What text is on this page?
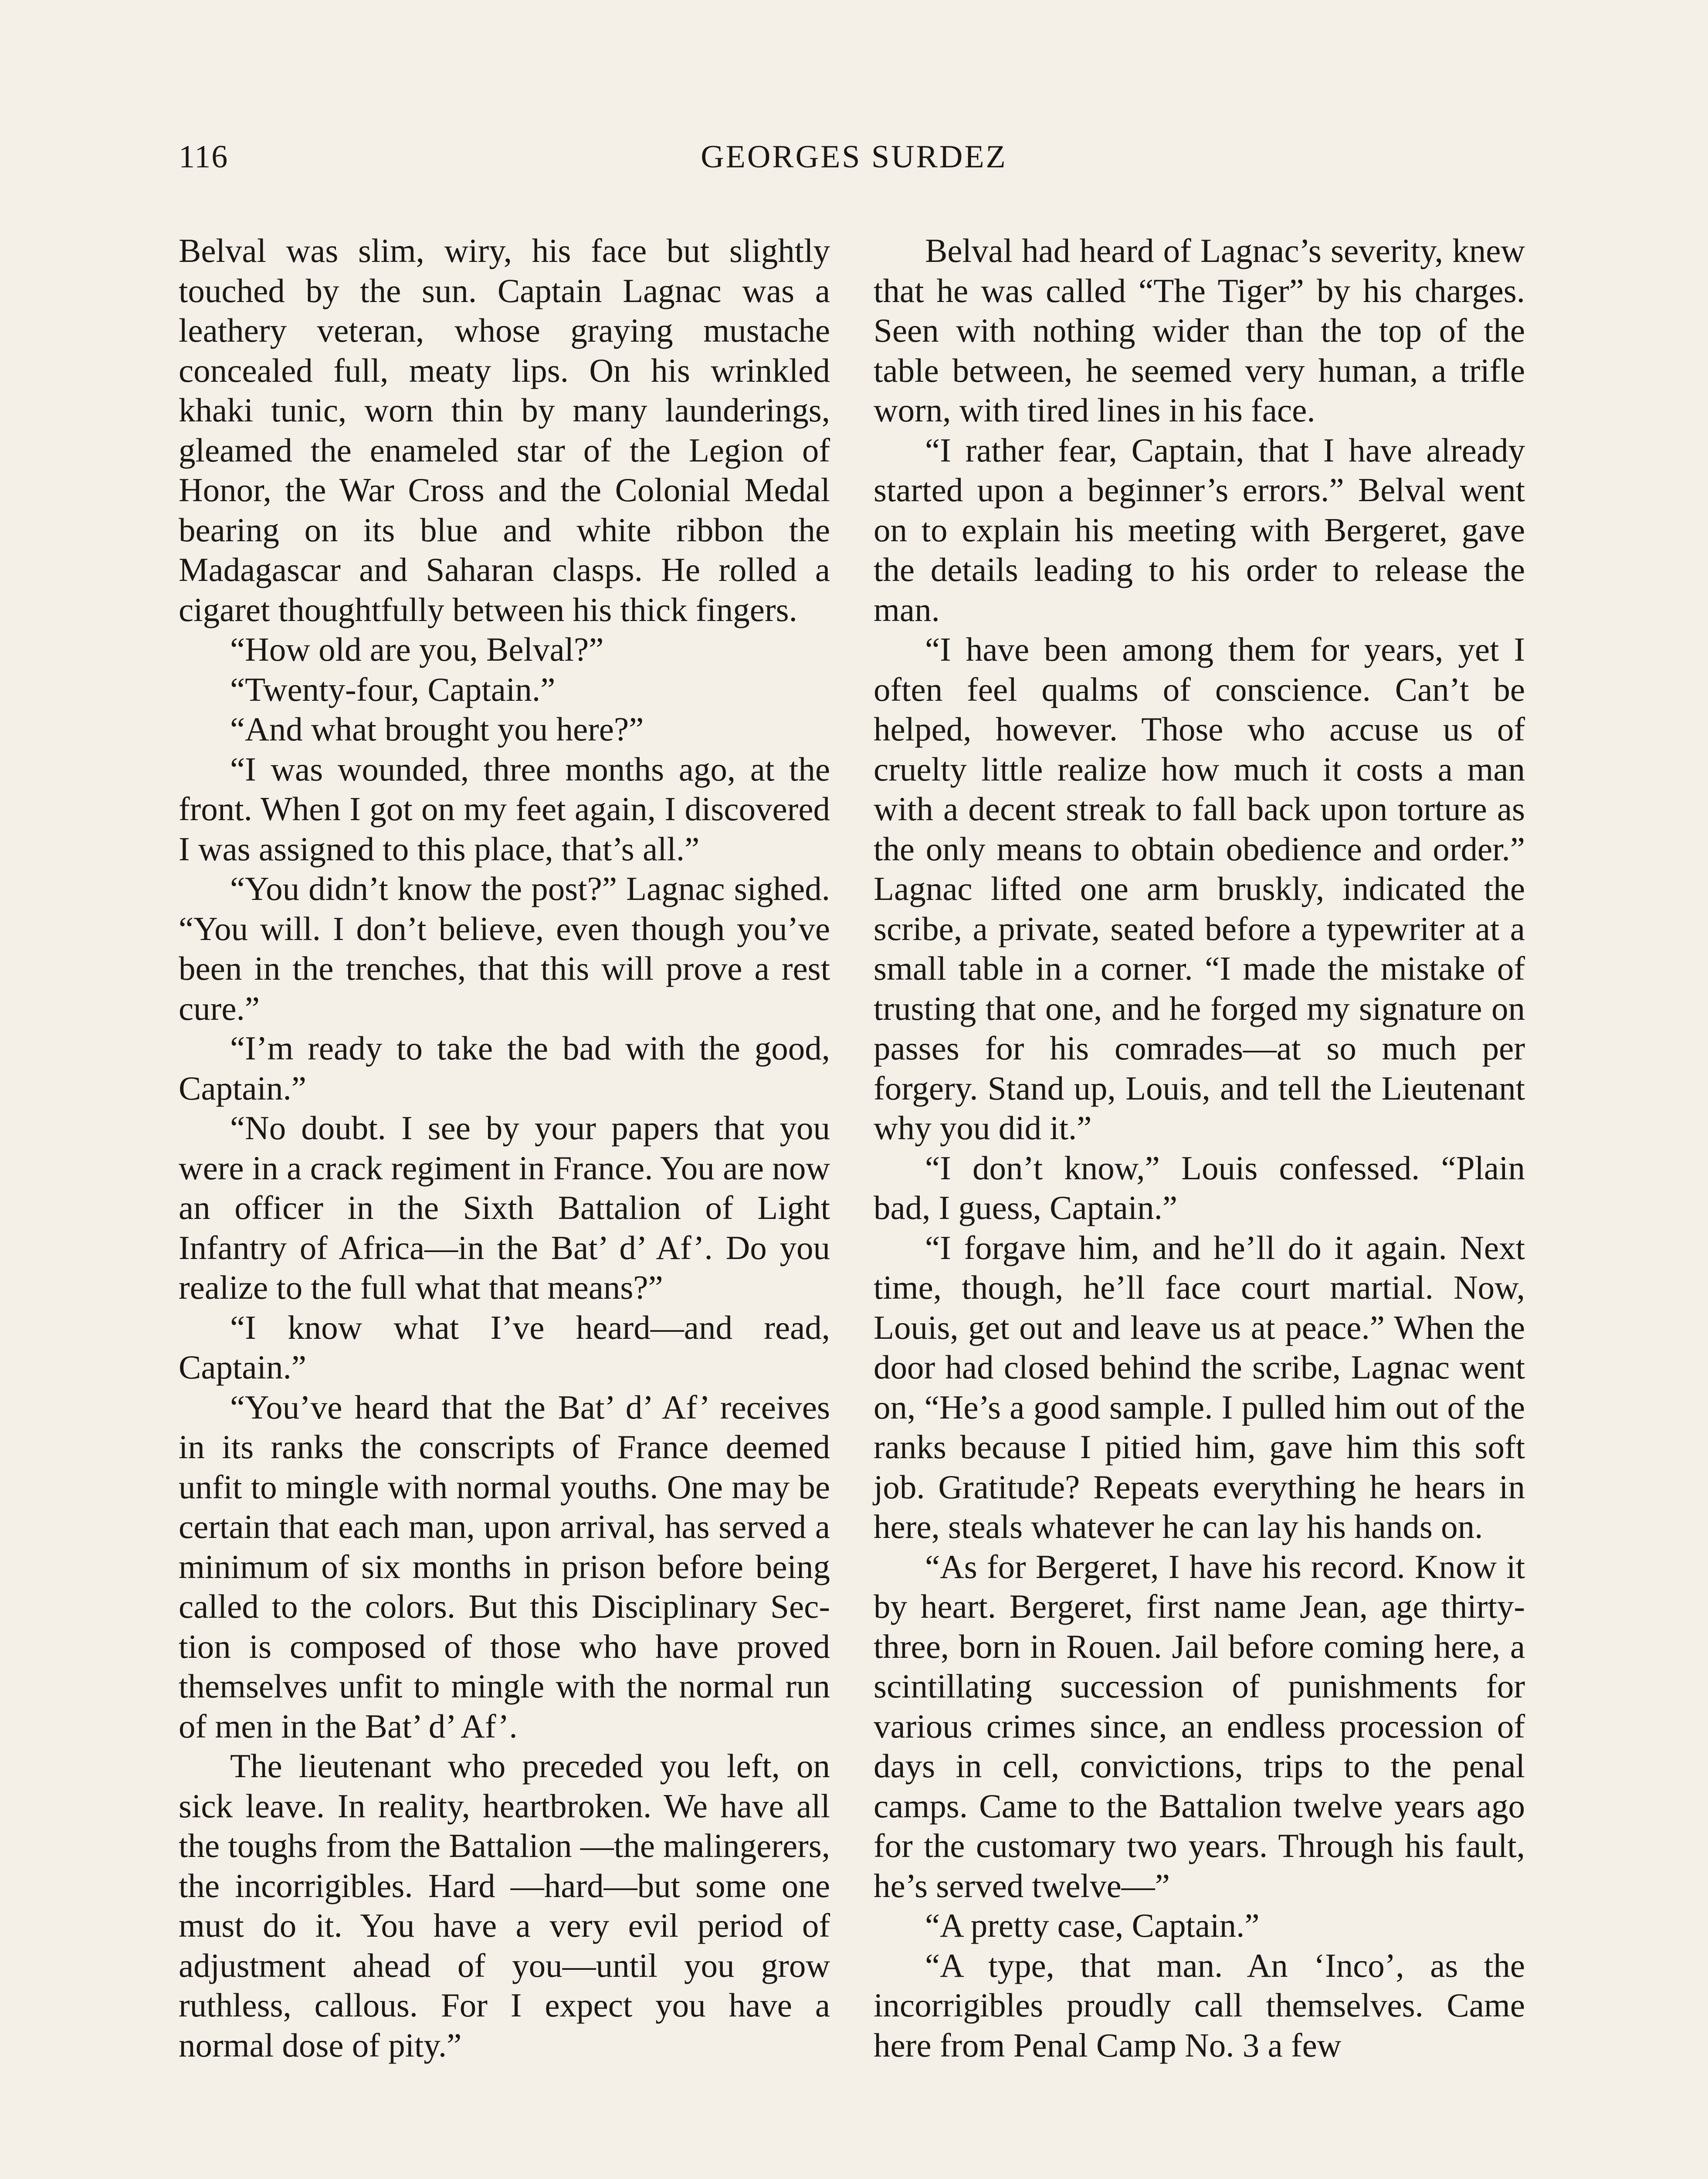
116	GEORGES SURDEZ

Belval was slim, wiry, his face but slightly touched by the sun. Captain Lagnac was a leathery veteran, whose graying mustache concealed full, meaty lips. On his wrinkled khaki tunic, worn thin by many launderings, gleamed the enameled star of the Legion of Honor, the War Cross and the Colonial Medal bearing on its blue and white ribbon the Madagascar and Saharan clasps. He rolled a cigaret thoughtfully between his thick fingers.

“How old are you, Belval?”

“Twenty-four, Captain.”

“And what brought you here?”

“I was wounded, three months ago, at the front. When I got on my feet again, I discovered I was assigned to this place, that’s all.”

“You didn’t know the post?” Lagnac sighed. “You will. I don’t believe, even though you’ve been in the trenches, that this will prove a rest cure.”

“I’m ready to take the bad with the good, Captain.”

“No doubt. I see by your papers that you were in a crack regiment in France. You are now an officer in the Sixth Battalion of Light Infantry of Africa—in the Bat’ d’ Af’. Do you realize to the full what that means?”

“I know what I’ve heard—and read, Captain.”

“You’ve heard that the Bat’ d’ Af’ receives in its ranks the conscripts of France deemed unfit to mingle with normal youths. One may be certain that each man, upon arrival, has served a minimum of six months in prison before being called to the colors. But this Disciplinary Section is composed of those who have proved themselves unfit to mingle with the normal run of men in the Bat’ d’ Af’.

The lieutenant who preceded you left, on sick leave. In reality, heartbroken. We have all the toughs from the Battalion —the malingerers, the incorrigibles. Hard —hard—but some one must do it. You have a very evil period of adjustment ahead of you—until you grow ruthless, callous. For I expect you have a normal dose of pity.”

Belval had heard of Lagnac’s severity, knew that he was called “The Tiger” by his charges. Seen with nothing wider than the top of the table between, he seemed very human, a trifle worn, with tired lines in his face.

“I rather fear, Captain, that I have already started upon a beginner’s errors.” Belval went on to explain his meeting with Bergeret, gave the details leading to his order to release the man.

“I have been among them for years, yet I often feel qualms of conscience. Can’t be helped, however. Those who accuse us of cruelty little realize how much it costs a man with a decent streak to fall back upon torture as the only means to obtain obedience and order.” Lagnac lifted one arm bruskly, indicated the scribe, a private, seated before a typewriter at a small table in a corner. “I made the mistake of trusting that one, and he forged my signature on passes for his comrades—at so much per forgery. Stand up, Louis, and tell the Lieutenant why you did it.”

“I don’t know,” Louis confessed. “Plain bad, I guess, Captain.”

“I forgave him, and he’ll do it again. Next time, though, he’ll face court martial. Now, Louis, get out and leave us at peace.” When the door had closed behind the scribe, Lagnac went on, “He’s a good sample. I pulled him out of the ranks because I pitied him, gave him this soft job. Gratitude? Repeats everything he hears in here, steals whatever he can lay his hands on.

“As for Bergeret, I have his record. Know it by heart. Bergeret, first name Jean, age thirty-three, born in Rouen. Jail before coming here, a scintillating succession of punishments for various crimes since, an endless procession of days in cell, convictions, trips to the penal camps. Came to the Battalion twelve years ago for the customary two years. Through his fault, he’s served twelve—”

“A pretty case, Captain.”

“A type, that man. An ‘Inco’, as the incorrigibles proudly call themselves. Came here from Penal Camp No. 3 a few
